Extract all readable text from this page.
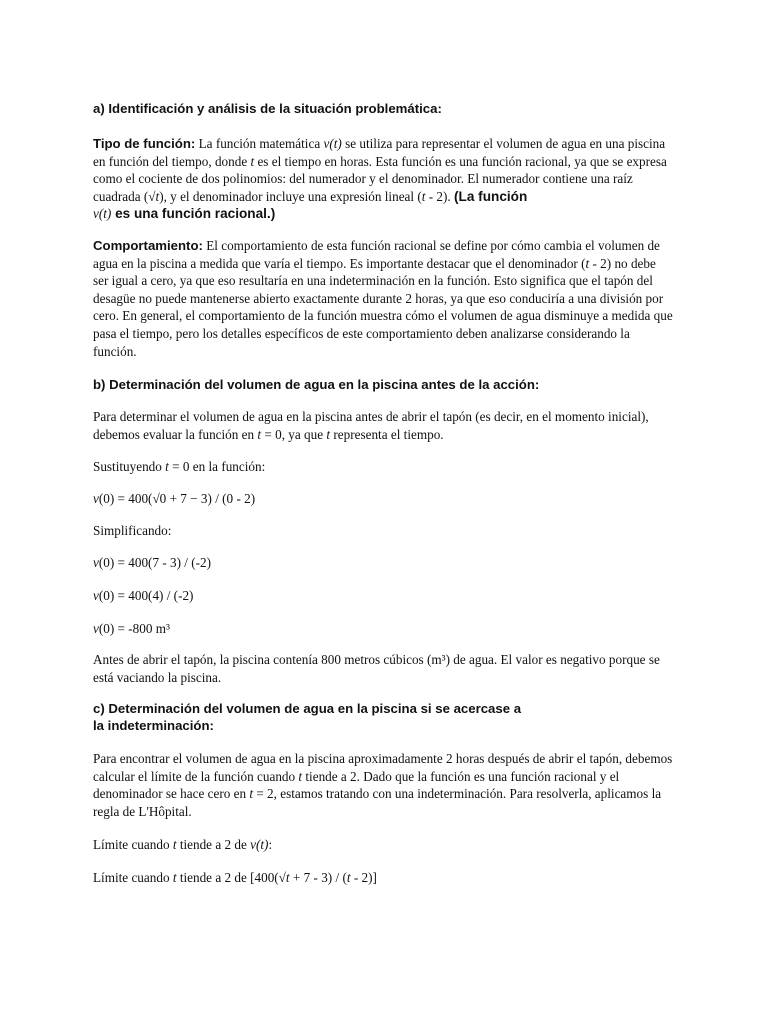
a) Identificación y análisis de la situación problemática:

Tipo de función: La función matemática v(t) se utiliza para representar el volumen de agua en una piscina en función del tiempo, donde t es el tiempo en horas. Esta función es una función racional, ya que se expresa como el cociente de dos polinomios: del numerador y el denominador. El numerador contiene una raíz cuadrada (√t), y el denominador incluye una expresión lineal (t - 2). (La función
v(t) es una función racional.)

Comportamiento: El comportamiento de esta función racional se define por cómo cambia el volumen de agua en la piscina a medida que varía el tiempo. Es importante destacar que el denominador (t - 2) no debe ser igual a cero, ya que eso resultaría en una indeterminación en la función. Esto significa que el tapón del desagüe no puede mantenerse abierto exactamente durante 2 horas, ya que eso conduciría a una división por cero. En general, el comportamiento de la función muestra cómo el volumen de agua disminuye a medida que pasa el tiempo, pero los detalles específicos de este comportamiento deben analizarse considerando la función.

b) Determinación del volumen de agua en la piscina antes de la acción:

Para determinar el volumen de agua en la piscina antes de abrir el tapón (es decir, en el momento inicial), debemos evaluar la función en t = 0, ya que t representa el tiempo.

Sustituyendo t = 0 en la función:

v(0) = 400(√0 + 7 − 3) / (0 - 2)

Simplificando:

v(0) = 400(7 - 3) / (-2)

v(0) = 400(4) / (-2)

v(0) = -800 m³

Antes de abrir el tapón, la piscina contenía 800 metros cúbicos (m³) de agua. El valor es negativo porque se está vaciando la piscina.

c) Determinación del volumen de agua en la piscina si se acercase a
la indeterminación:

Para encontrar el volumen de agua en la piscina aproximadamente 2 horas después de abrir el tapón, debemos calcular el límite de la función cuando t tiende a 2. Dado que la función es una función racional y el denominador se hace cero en t = 2, estamos tratando con una indeterminación. Para resolverla, aplicamos la regla de L'Hôpital.

Límite cuando t tiende a 2 de v(t):

Límite cuando t tiende a 2 de [400(√t + 7 - 3) / (t - 2)]
